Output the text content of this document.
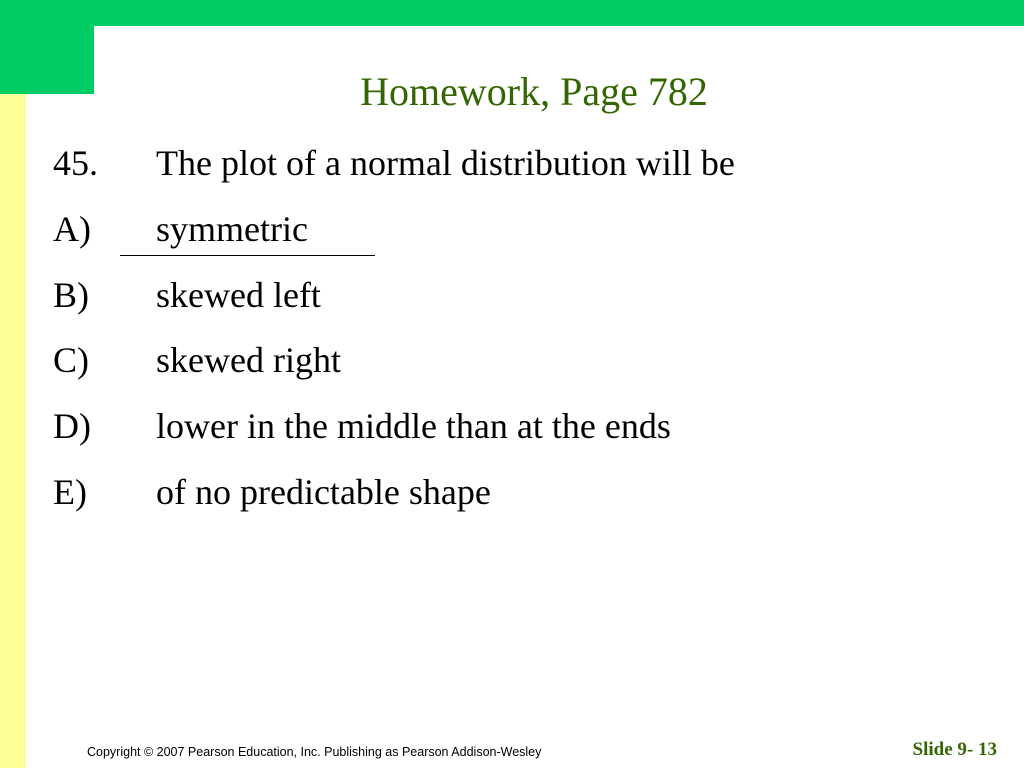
Homework, Page 782
45. The plot of a normal distribution will be
A) symmetric
B) skewed left
C) skewed right
D) lower in the middle than at the ends
E) of no predictable shape
Copyright © 2007 Pearson Education, Inc. Publishing as Pearson Addison-Wesley	Slide 9- 13
